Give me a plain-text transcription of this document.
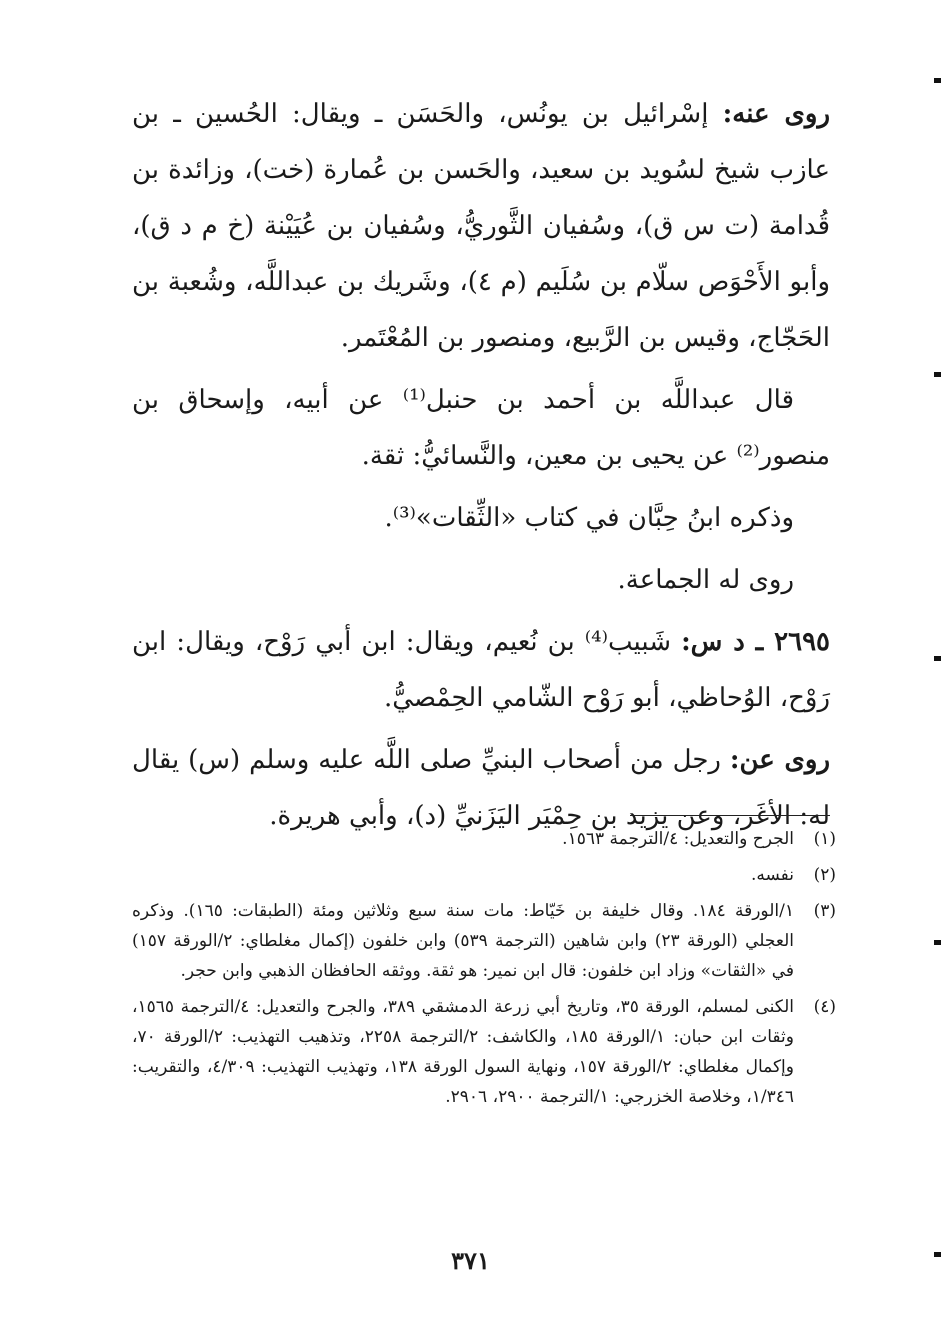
روى عنه: إسْرائيل بن يونُس، والحَسَن ـ ويقال: الحُسين ـ بن عازب شيخ لسُويد بن سعيد، والحَسن بن عُمارة (خت)، وزائدة بن قُدامة (ت س ق)، وسُفيان الثَّوريُّ، وسُفيان بن عُيَيْنة (خ م د ق)، وأبو الأَحْوَص سلّام بن سُلَيم (م ٤)، وشَريك بن عبداللَّه، وشُعبة بن الحَجّاج، وقيس بن الرَّبيع، ومنصور بن المُعْتَمر.

قال عبداللَّه بن أحمد بن حنبل⁽¹⁾ عن أبيه، وإسحاق بن منصور⁽²⁾ عن يحيى بن معين، والنَّسائيُّ: ثقة.

وذكره ابنُ حِبَّان في كتاب «الثِّقات»⁽³⁾.

روى له الجماعة.

٢٦٩٥ ـ د س: شَبيب⁽⁴⁾ بن نُعيم، ويقال: ابن أبي رَوْح، ويقال: ابن رَوْح، الوُحاظي، أبو رَوْح الشّامي الحِمْصيُّ.

روى عن: رجل من أصحاب البنيِّ صلى اللَّه عليه وسلم (س) يقال له: الأغَر، وعن يزيد بن حِمْيَر اليَزَنيِّ (د)، وأبي هريرة.

(١)
الجرح والتعديل: ٤/الترجمة ١٥٦٣.
(٢)
نفسه.
(٣)
١/الورقة ١٨٤. وقال خليفة بن خَيّاط: مات سنة سبع وثلاثين ومئة (الطبقات: ١٦٥). وذكره العجلي (الورقة ٢٣) وابن شاهين (الترجمة ٥٣٩) وابن خلفون (إكمال مغلطاي: ٢/الورقة ١٥٧) في «الثقات» وزاد ابن خلفون: قال ابن نمير: هو ثقة. ووثقه الحافظان الذهبي وابن حجر.
(٤)
الكنى لمسلم، الورقة ٣٥، وتاريخ أبي زرعة الدمشقي ٣٨٩، والجرح والتعديل: ٤/الترجمة ١٥٦٥، وثقات ابن حبان: ١/الورقة ١٨٥، والكاشف: ٢/الترجمة ٢٢٥٨، وتذهيب التهذيب: ٢/الورقة ٧٠، وإكمال مغلطاي: ٢/الورقة ١٥٧، ونهاية السول الورقة ١٣٨، وتهذيب التهذيب: ٤/٣٠٩، والتقريب: ١/٣٤٦، وخلاصة الخزرجي: ١/الترجمة ٢٩٠٠، ٢٩٠٦.
٣٧١
